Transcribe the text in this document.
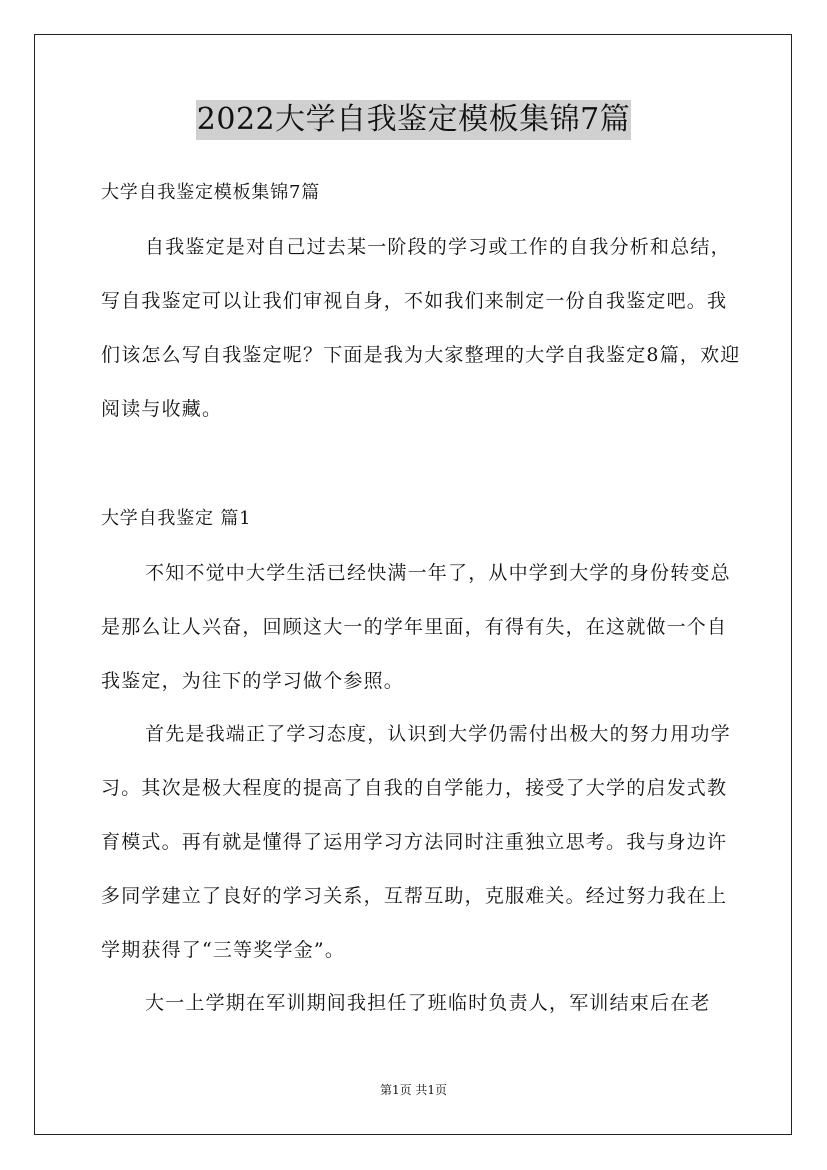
2022大学自我鉴定模板集锦7篇
大学自我鉴定模板集锦7篇
自我鉴定是对自己过去某一阶段的学习或工作的自我分析和总结，写自我鉴定可以让我们审视自身，不如我们来制定一份自我鉴定吧。我们该怎么写自我鉴定呢？下面是我为大家整理的大学自我鉴定8篇，欢迎阅读与收藏。
大学自我鉴定 篇1
不知不觉中大学生活已经快满一年了，从中学到大学的身份转变总是那么让人兴奋，回顾这大一的学年里面，有得有失，在这就做一个自我鉴定，为往下的学习做个参照。
首先是我端正了学习态度，认识到大学仍需付出极大的努力用功学习。其次是极大程度的提高了自我的自学能力，接受了大学的启发式教育模式。再有就是懂得了运用学习方法同时注重独立思考。我与身边许多同学建立了良好的学习关系，互帮互助，克服难关。经过努力我在上学期获得了“三等奖学金”。
大一上学期在军训期间我担任了班临时负责人，军训结束后在老
第1页 共1页
